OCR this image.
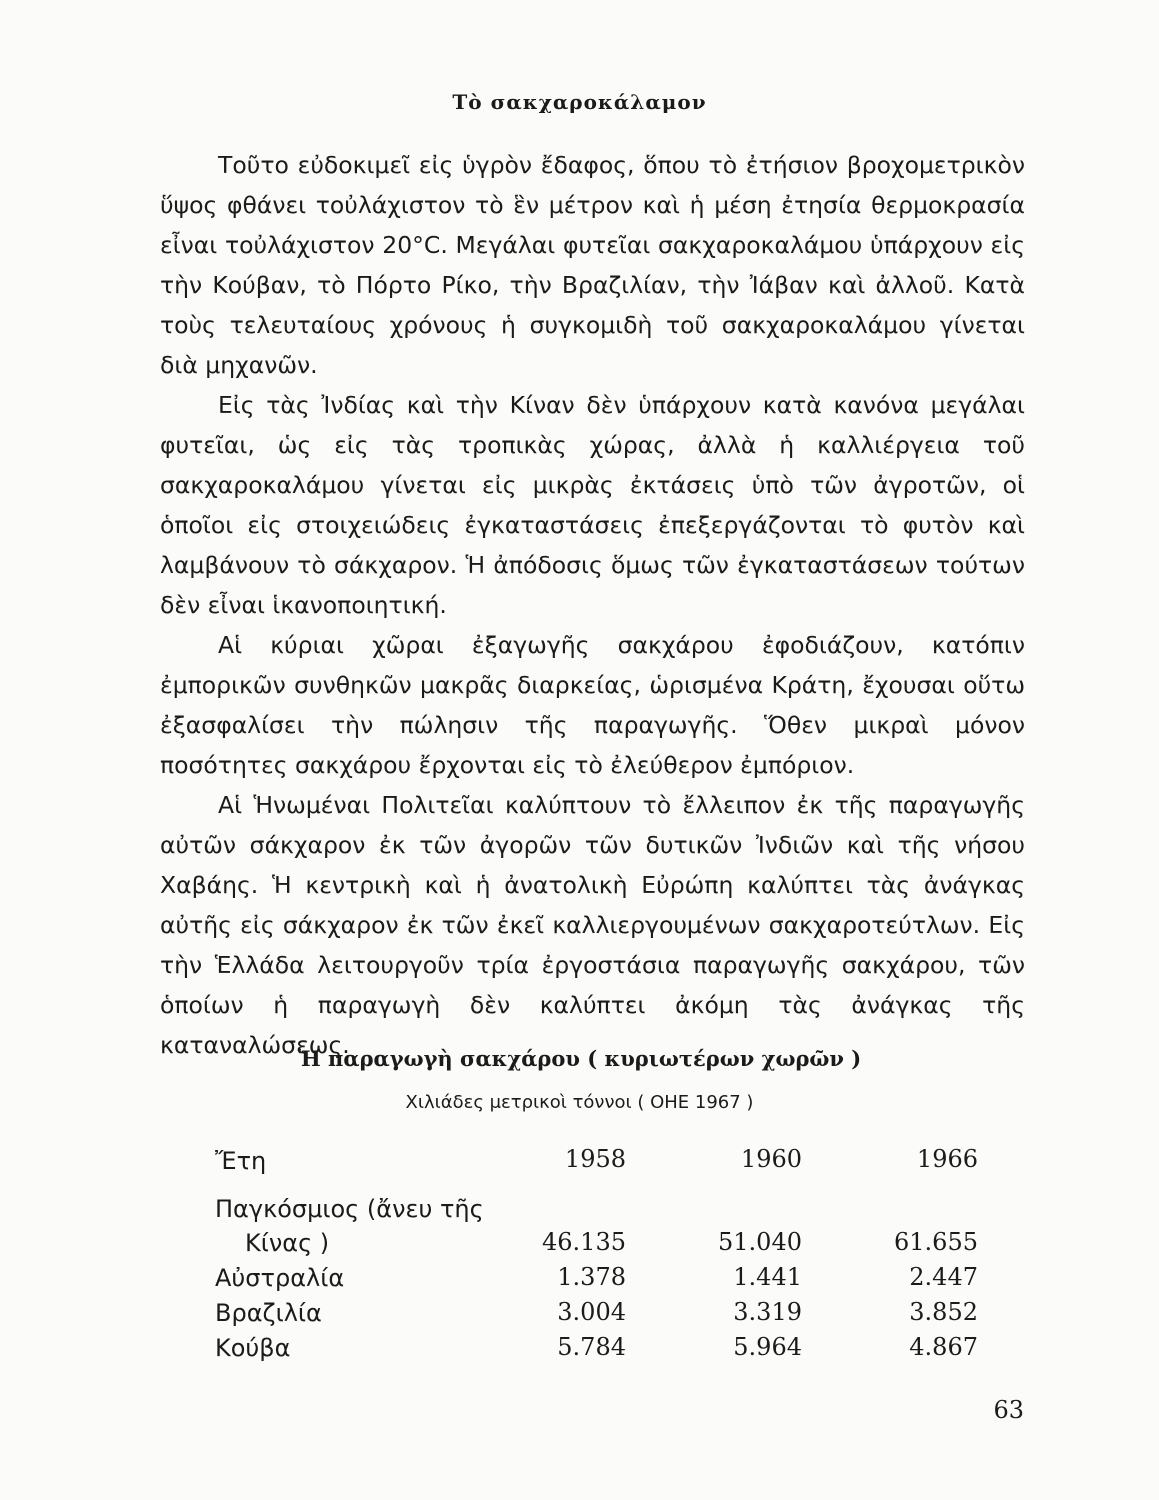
Τὸ σακχαροκάλαμον

Τοῦτο εὐδοκιμεῖ εἰς ὑγρὸν ἔδαφος, ὅπου τὸ ἐτήσιον βροχομετρικὸν ὕψος φθάνει τοὐλάχιστον τὸ ἓν μέτρον καὶ ἡ μέση ἐτησία θερμοκρασία εἶναι τοὐλάχιστον 20°C. Μεγάλαι φυτεῖαι σακχαροκαλάμου ὑπάρχουν εἰς τὴν Κούβαν, τὸ Πόρτο Ρίκο, τὴν Βραζιλίαν, τὴν Ἰάβαν καὶ ἀλλοῦ. Κατὰ τοὺς τελευταίους χρόνους ἡ συγκομιδὴ τοῦ σακχαροκαλάμου γίνεται διὰ μηχανῶν.

Εἰς τὰς Ἰνδίας καὶ τὴν Κίναν δὲν ὑπάρχουν κατὰ κανόνα μεγάλαι φυτεῖαι, ὡς εἰς τὰς τροπικὰς χώρας, ἀλλὰ ἡ καλλιέργεια τοῦ σακχαροκαλάμου γίνεται εἰς μικρὰς ἐκτάσεις ὑπὸ τῶν ἀγροτῶν, οἱ ὁποῖοι εἰς στοιχειώδεις ἐγκαταστάσεις ἐπεξεργάζονται τὸ φυτὸν καὶ λαμβάνουν τὸ σάκχαρον. Ἡ ἀπόδοσις ὅμως τῶν ἐγκαταστάσεων τούτων δὲν εἶναι ἱκανοποιητική.

Αἱ κύριαι χῶραι ἐξαγωγῆς σακχάρου ἐφοδιάζουν, κατόπιν ἐμπορικῶν συνθηκῶν μακρᾶς διαρκείας, ὡρισμένα Κράτη, ἔχουσαι οὕτω ἐξασφαλίσει τὴν πώλησιν τῆς παραγωγῆς. Ὅθεν μικραὶ μόνον ποσότητες σακχάρου ἔρχονται εἰς τὸ ἐλεύθερον ἐμπόριον.

Αἱ Ἡνωμέναι Πολιτεῖαι καλύπτουν τὸ ἔλλειπον ἐκ τῆς παραγωγῆς αὐτῶν σάκχαρον ἐκ τῶν ἀγορῶν τῶν δυτικῶν Ἰνδιῶν καὶ τῆς νήσου Χαβάης. Ἡ κεντρικὴ καὶ ἡ ἀνατολικὴ Εὐρώπη καλύπτει τὰς ἀνάγκας αὐτῆς εἰς σάκχαρον ἐκ τῶν ἐκεῖ καλλιεργουμένων σακχαροτεύτλων. Εἰς τὴν Ἑλλάδα λειτουργοῦν τρία ἐργοστάσια παραγωγῆς σακχάρου, τῶν ὁποίων ἡ παραγωγὴ δὲν καλύπτει ἀκόμη τὰς ἀνάγκας τῆς καταναλώσεως.

Ἡ παραγωγὴ σακχάρου ( κυριωτέρων χωρῶν )
Χιλιάδες μετρικοὶ τόννοι ( ΟΗΕ 1967 )
Ἔτη	1958	1960	1966
Παγκόσμιος (ἄνευ τῆς
Κίνας )	46.135	51.040	61.655
Αὐστραλία	1.378	1.441	2.447
Βραζιλία	3.004	3.319	3.852
Κούβα	5.784	5.964	4.867
63
